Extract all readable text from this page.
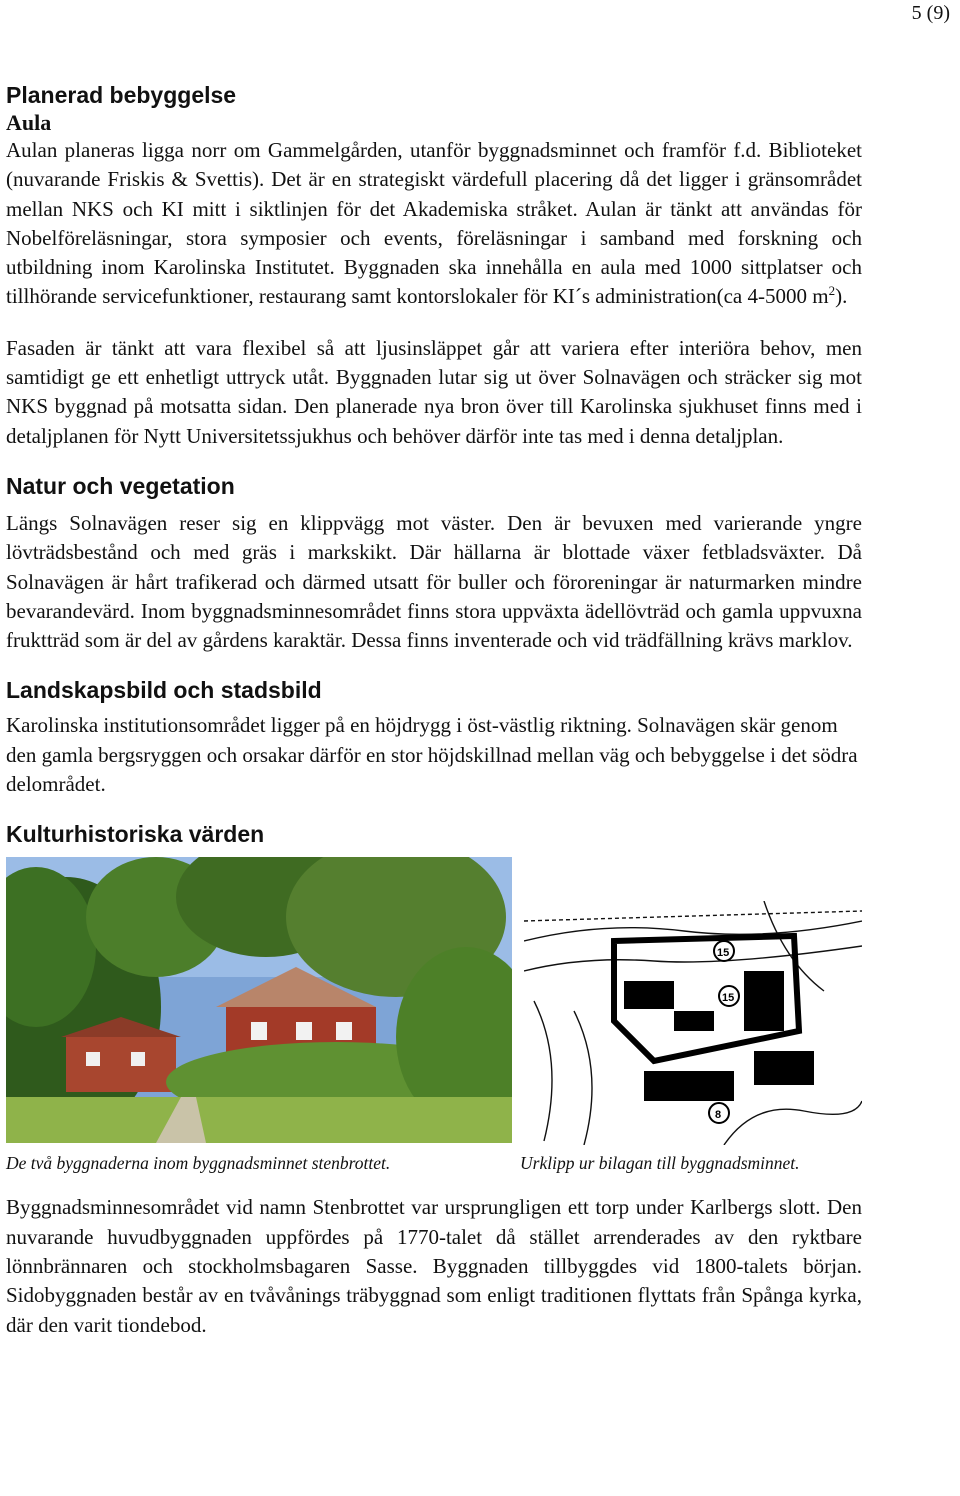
5 (9)
Planerad bebyggelse
Aula

Aulan planeras ligga norr om Gammelgården, utanför byggnadsminnet och framför f.d. Biblioteket (nuvarande Friskis & Svettis). Det är en strategiskt värdefull placering då det ligger i gränsområdet mellan NKS och KI mitt i siktlinjen för det Akademiska stråket. Aulan är tänkt att användas för Nobelföreläsningar, stora symposier och events, föreläsningar i samband med forskning och utbildning inom Karolinska Institutet. Byggnaden ska innehålla en aula med 1000 sittplatser och tillhörande servicefunktioner, restaurang samt kontorslokaler för KI´s administration(ca 4-5000 $m^2$).

Fasaden är tänkt att vara flexibel så att ljusinsläppet går att variera efter interiöra behov, men samtidigt ge ett enhetligt uttryck utåt. Byggnaden lutar sig ut över Solnavägen och sträcker sig mot NKS byggnad på motsatta sidan. Den planerade nya bron över till Karolinska sjukhuset finns med i detaljplanen för Nytt Universitetssjukhus och behöver därför inte tas med i denna detaljplan.

Natur och vegetation

Längs Solnavägen reser sig en klippvägg mot väster. Den är bevuxen med varierande yngre lövträdsbestånd och med gräs i markskikt. Där hällarna är blottade växer fetbladsväxter. Då Solnavägen är hårt trafikerad och därmed utsatt för buller och föroreningar är naturmarken mindre bevarandevärd. Inom byggnadsminnesområdet finns stora uppväxta ädellövträd och gamla uppvuxna fruktträd som är del av gårdens karaktär. Dessa finns inventerade och vid trädfällning krävs marklov.

Landskapsbild och stadsbild

Karolinska institutionsområdet ligger på en höjdrygg i öst-västlig riktning. Solnavägen skär genom den gamla bergsryggen och orsakar därför en stor höjdskillnad mellan väg och bebyggelse i det södra delområdet.

Kulturhistoriska värden
15
15
8
De två byggnaderna inom byggnadsminnet stenbrottet.	Urklipp ur bilagan till byggnadsminnet.

Byggnadsminnesområdet vid namn Stenbrottet var ursprungligen ett torp under Karlbergs slott. Den nuvarande huvudbyggnaden uppfördes på 1770-talet då stället arrenderades av den ryktbare lönnbrännaren och stockholmsbagaren Sasse. Byggnaden tillbyggdes vid 1800-talets början. Sidobyggnaden består av en tvåvånings träbyggnad som enligt traditionen flyttats från Spånga kyrka, där den varit tiondebod.
